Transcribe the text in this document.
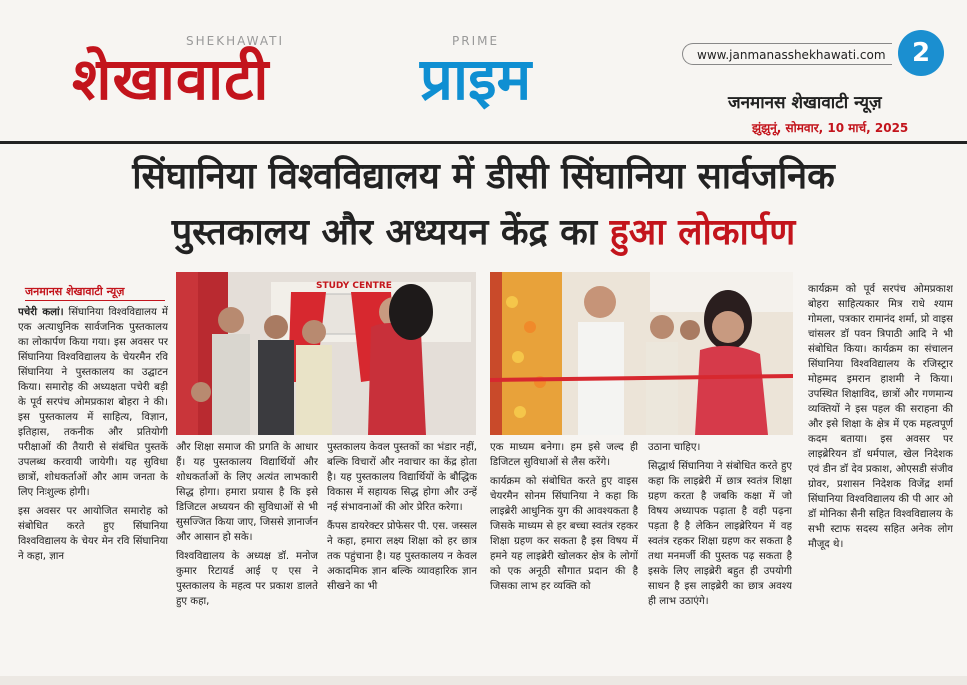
SHEKHAWATI	PRIME
शेखावाटी	प्राइम	www.janmanasshekhawati.com	2
जनमानस शेखावाटी न्यूज़
झुंझुनूं, सोमवार, 10 मार्च, 2025
सिंघानिया विश्वविद्यालय में डीसी सिंघानिया सार्वजनिक
पुस्तकालय और अध्ययन केंद्र का हुआ लोकार्पण
जनमानस शेखावाटी न्यूज़

पचेरी कलां। सिंघानिया विश्वविद्यालय में एक अत्याधुनिक सार्वजनिक पुस्तकालय का लोकार्पण किया गया। इस अवसर पर सिंघानिया विश्वविद्यालय के चेयरमैन रवि सिंघानिया ने पुस्तकालय का उद्घाटन किया। समारोह की अध्यक्षता पचेरी बड़ी के पूर्व सरपंच ओमप्रकाश बोहरा ने की। इस पुस्तकालय में साहित्य, विज्ञान, इतिहास, तकनीक और प्रतियोगी परीक्षाओं की तैयारी से संबंधित पुस्तकें उपलब्ध करवायी जायेगी। यह सुविधा छात्रों, शोधकर्ताओं और आम जनता के लिए निःशुल्क होगी।

इस अवसर पर आयोजित समारोह को संबोधित करते हुए सिंघानिया विश्वविद्यालय के चेयर मेन रवि सिंघानिया ने कहा, ज्ञान

STUDY CENTRE

और शिक्षा समाज की प्रगति के आधार हैं। यह पुस्तकालय विद्यार्थियों और शोधकर्ताओं के लिए अत्यंत लाभकारी सिद्ध होगा। हमारा प्रयास है कि इसे डिजिटल अध्ययन की सुविधाओं से भी सुसज्जित किया जाए, जिससे ज्ञानार्जन और आसान हो सके।

विश्वविद्यालय के अध्यक्ष डॉ. मनोज कुमार रिटायर्ड आई ए एस ने पुस्तकालय के महत्व पर प्रकाश डालते हुए कहा,

पुस्तकालय केवल पुस्तकों का भंडार नहीं, बल्कि विचारों और नवाचार का केंद्र होता है। यह पुस्तकालय विद्यार्थियों के बौद्धिक विकास में सहायक सिद्ध होगा और उन्हें नई संभावनाओं की ओर प्रेरित करेगा।

कैंपस डायरेक्टर प्रोफेसर पी. एस. जस्सल ने कहा, हमारा लक्ष्य शिक्षा को हर छात्र तक पहुंचाना है। यह पुस्तकालय न केवल अकादमिक ज्ञान बल्कि व्यावहारिक ज्ञान सीखने का भी

एक माध्यम बनेगा। हम इसे जल्द ही डिजिटल सुविधाओं से लैस करेंगे।

कार्यक्रम को संबोधित करते हुए वाइस चेयरमैन सोनम सिंघानिया ने कहा कि लाइब्रेरी आधुनिक युग की आवश्यकता है जिसके माध्यम से हर बच्चा स्वतंत्र रहकर शिक्षा ग्रहण कर सकता है इस विषय में हमने यह लाइब्रेरी खोलकर क्षेत्र के लोगों को एक अनूठी सौगात प्रदान की है जिसका लाभ हर व्यक्ति को

उठाना चाहिए।

सिद्धार्थ सिंघानिया ने संबोधित करते हुए कहा कि लाइब्रेरी में छात्र स्वतंत्र शिक्षा ग्रहण करता है जबकि कक्षा में जो विषय अध्यापक पढ़ाता है वही पढ़ना पड़ता है है लेकिन लाइब्रेरियन में वह स्वतंत्र रहकर शिक्षा ग्रहण कर सकता है तथा मनमर्जी की पुस्तक पढ़ सकता है इसके लिए लाइब्रेरी बहुत ही उपयोगी साधन है इस लाइब्रेरी का छात्र अवश्य ही लाभ उठाएंगे।

कार्यक्रम को पूर्व सरपंच ओमप्रकाश बोहरा साहित्यकार मित्र राधे श्याम गोमला, पत्रकार रामानंद शर्मा, प्रो वाइस चांसलर डॉ पवन त्रिपाठी आदि ने भी संबोधित किया। कार्यक्रम का संचालन सिंघानिया विश्वविद्यालय के रजिस्ट्रार मोहम्मद इमरान हाशमी ने किया।उपस्थित शिक्षाविद, छात्रों और गणमान्य व्यक्तियों ने इस पहल की सराहना की और इसे शिक्षा के क्षेत्र में एक महत्वपूर्ण कदम बताया। इस अवसर पर लाइब्रेरियन डॉ धर्मपाल, खेल निदेशक एवं डीन डॉ देव प्रकाश, ओएसडी संजीव ग्रोवर, प्रशासन निदेशक विजेंद्र शर्मा सिंघानिया विश्वविद्यालय की पी आर ओ डॉ मोनिका सैनी सहित विश्वविद्यालय के सभी स्टाफ सदस्य सहित अनेक लोग मौजूद थे।
